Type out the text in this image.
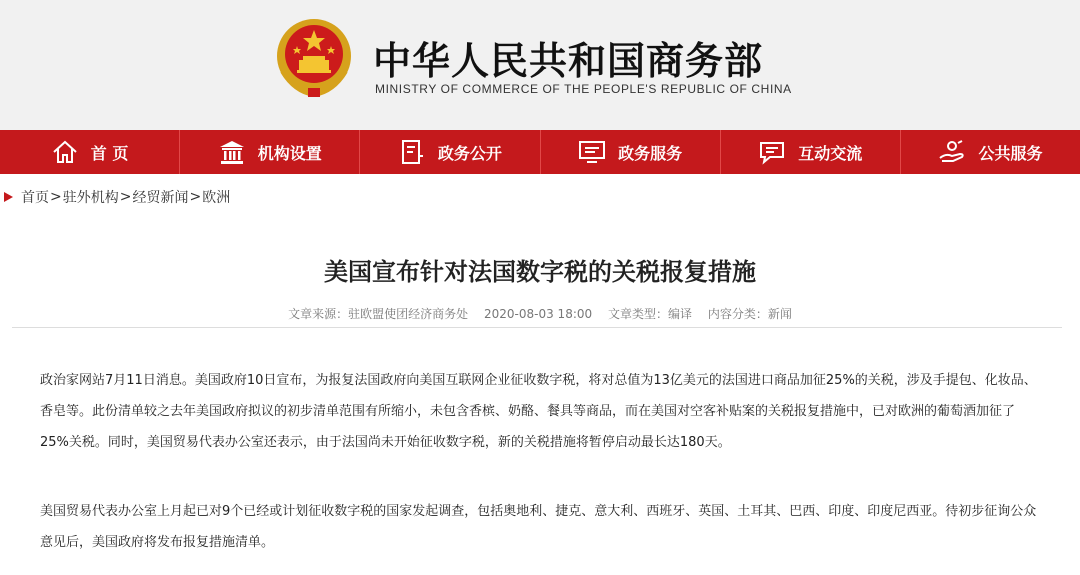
中华人民共和国商务部
MINISTRY OF COMMERCE OF THE PEOPLE'S REPUBLIC OF CHINA
首 页	机构设置	政务公开	政务服务	互动交流	公共服务
首页 > 驻外机构 > 经贸新闻 > 欧洲
美国宣布针对法国数字税的关税报复措施
文章来源：驻欧盟使团经济商务处 2020-08-03 18:00 文章类型：编译 内容分类：新闻

政治家网站7月11日消息。美国政府10日宣布，为报复法国政府向美国互联网企业征收数字税，将对总值为13亿美元的法国进口商品加征25%的关税，涉及手提包、化妆品、香皂等。此份清单较之去年美国政府拟议的初步清单范围有所缩小，未包含香槟、奶酪、餐具等商品，而在美国对空客补贴案的关税报复措施中，已对欧洲的葡萄酒加征了25%关税。同时，美国贸易代表办公室还表示，由于法国尚未开始征收数字税，新的关税措施将暂停启动最长达180天。

美国贸易代表办公室上月起已对9个已经或计划征收数字税的国家发起调查，包括奥地利、捷克、意大利、西班牙、英国、土耳其、巴西、印度、印度尼西亚。待初步征询公众意见后，美国政府将发布报复措施清单。
